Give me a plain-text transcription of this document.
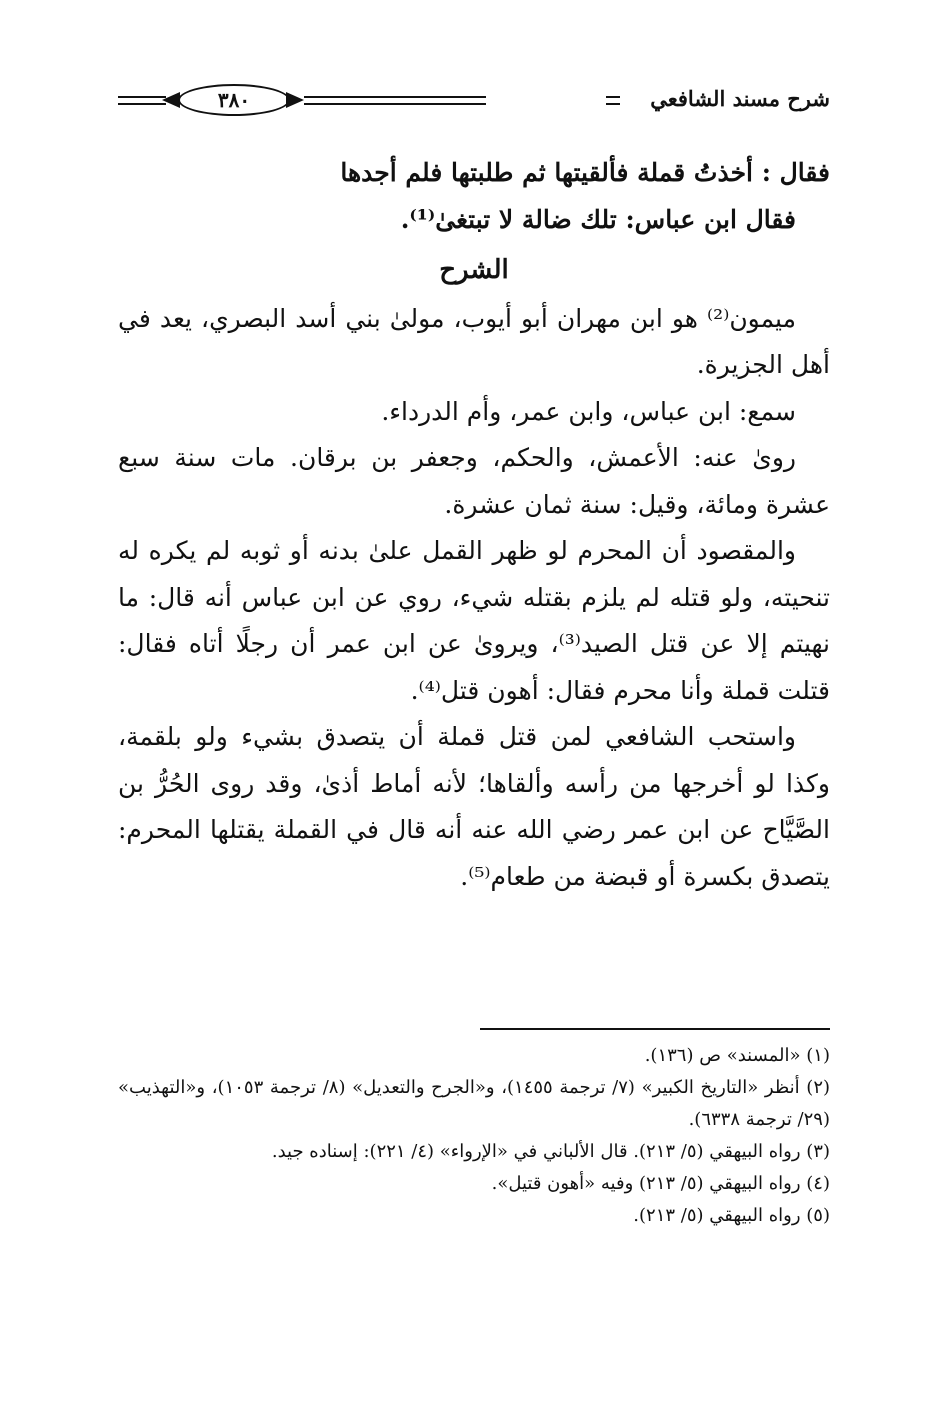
شرح مسند الشافعي
٣٨٠

فقال : أخذتُ قملة فألقيتها ثم طلبتها فلم أجدها

فقال ابن عباس: تلك ضالة لا تبتغىٰ⁽¹⁾.

الشرح

ميمون⁽²⁾ هو ابن مهران أبو أيوب، مولىٰ بني أسد البصري، يعد في أهل الجزيرة.

سمع: ابن عباس، وابن عمر، وأم الدرداء.

روىٰ عنه: الأعمش، والحكم، وجعفر بن برقان. مات سنة سبع عشرة ومائة، وقيل: سنة ثمان عشرة.

والمقصود أن المحرم لو ظهر القمل علىٰ بدنه أو ثوبه لم يكره له تنحيته، ولو قتله لم يلزم بقتله شيء، روي عن ابن عباس أنه قال: ما نهيتم إلا عن قتل الصيد⁽³⁾، ويروىٰ عن ابن عمر أن رجلًا أتاه فقال: قتلت قملة وأنا محرم فقال: أهون قتل⁽⁴⁾.

واستحب الشافعي لمن قتل قملة أن يتصدق بشيء ولو بلقمة، وكذا لو أخرجها من رأسه وألقاها؛ لأنه أماط أذىٰ، وقد روى الحُرُّ بن الصَّيَّاح عن ابن عمر رضي الله عنه أنه قال في القملة يقتلها المحرم: يتصدق بكسرة أو قبضة من طعام⁽⁵⁾.

(١) «المسند» ص (١٣٦).

(٢) أنظر «التاريخ الكبير» (٧/ ترجمة ١٤٥٥)، و«الجرح والتعديل» (٨/ ترجمة ١٠٥٣)، و«التهذيب» (٢٩/ ترجمة ٦٣٣٨).

(٣) رواه البيهقي (٥/ ٢١٣). قال الألباني في «الإرواء» (٤/ ٢٢١): إسناده جيد.

(٤) رواه البيهقي (٥/ ٢١٣) وفيه «أهون قتيل».

(٥) رواه البيهقي (٥/ ٢١٣).
